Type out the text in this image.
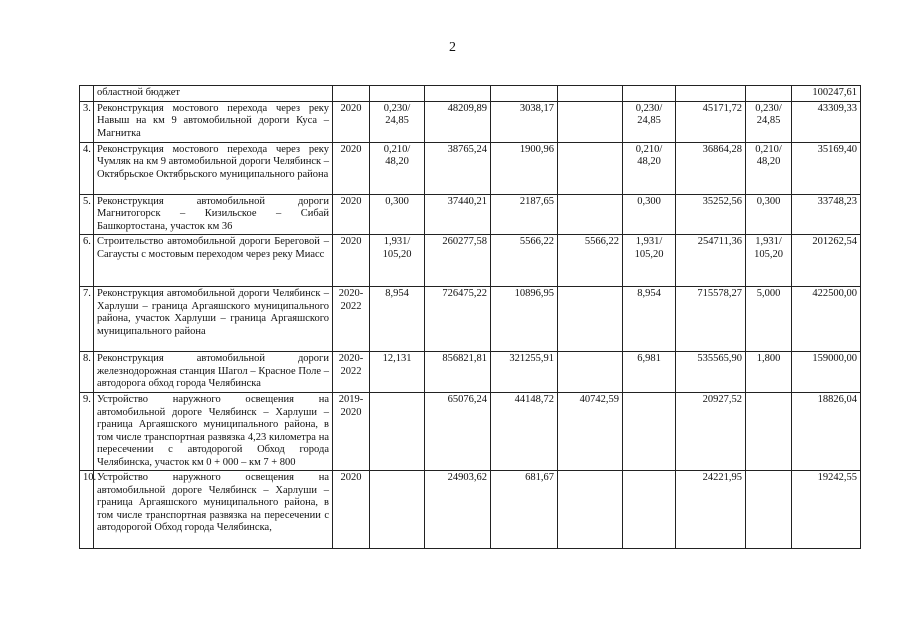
2

	областной бюджет									100247,61

3.	Реконструкция мостового перехода через реку Навыш на км 9 автомобильной дороги Куса – Магнитка	2020	0,230/ 24,85	48209,89	3038,17		0,230/ 24,85	45171,72	0,230/ 24,85	43309,33

4.	Реконструкция мостового перехода через реку Чумляк на км 9 автомобильной дороги Челябинск – Октябрьское Октябрьского муниципального района	2020	0,210/ 48,20	38765,24	1900,96		0,210/ 48,20	36864,28	0,210/ 48,20	35169,40

5.	Реконструкция автомобильной дороги Магнитогорск – Кизильское – Сибай Башкортостана, участок км 36	2020	0,300	37440,21	2187,65		0,300	35252,56	0,300	33748,23

6.	Строительство автомобильной дороги Береговой – Сагаусты с мостовым переходом через реку Миасс	2020	1,931/ 105,20	260277,58	5566,22	5566,22	1,931/ 105,20	254711,36	1,931/ 105,20	201262,54

7.	Реконструкция автомобильной дороги Челябинск – Харлуши – граница Аргаяшского муниципального района, участок Харлуши – граница Аргаяшского муниципального района	2020-2022	8,954	726475,22	10896,95		8,954	715578,27	5,000	422500,00

8.	Реконструкция автомобильной дороги железнодорожная станция Шагол – Красное Поле – автодорога обход города Челябинска	2020-2022	12,131	856821,81	321255,91		6,981	535565,90	1,800	159000,00

9.	Устройство наружного освещения на автомобильной дороге Челябинск – Харлуши – граница Аргаяшского муниципального района, в том числе транспортная развязка 4,23 километра на пересечении с автодорогой Обход города Челябинска, участок км 0 + 000 – км 7 + 800	2019-2020		65076,24	44148,72	40742,59		20927,52		18826,04

10.	Устройство наружного освещения на автомобильной дороге Челябинск – Харлуши – граница Аргаяшского муниципального района, в том числе транспортная развязка на пересечении с автодорогой Обход города Челябинска,	2020		24903,62	681,67			24221,95		19242,55
